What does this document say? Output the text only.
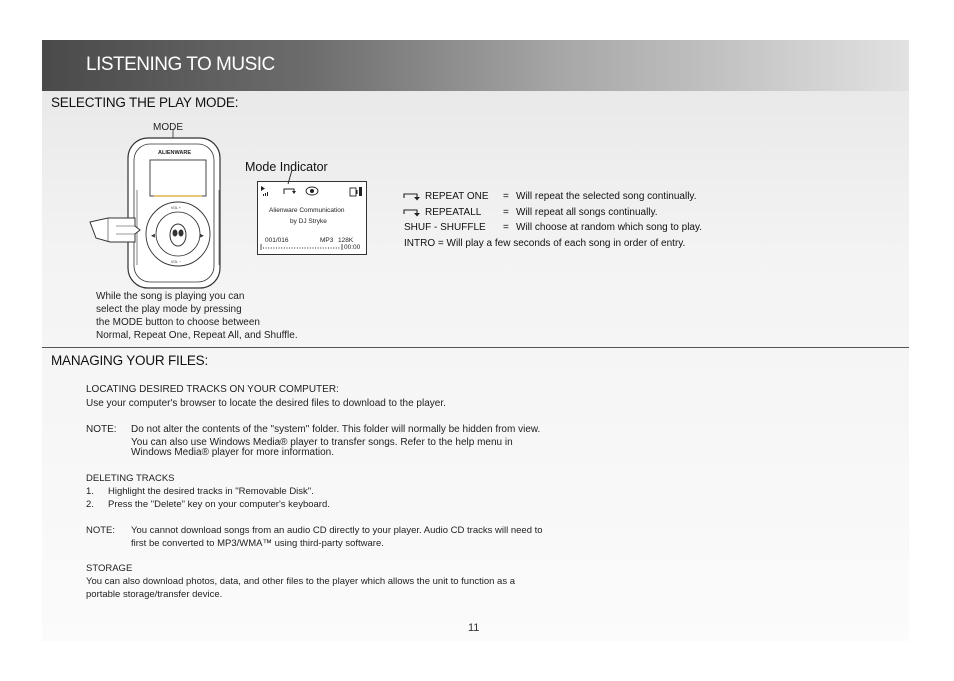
LISTENING TO MUSIC
SELECTING THE PLAY MODE:
MODE
Mode Indicator
ALIENWARE
VOL +
VOL −
◀	▶
Alienware Communication
by DJ Stryke
001/016	MP3 128K
00:00
REPEAT ONE = Will repeat the selected song continually.
REPEATALL = Will repeat all songs continually.
SHUF - SHUFFLE = Will choose at random which song to play.
INTRO = Will play a few seconds of each song in order of entry.
While the song is playing you can
select the play mode by pressing
the MODE button to choose between
Normal, Repeat One, Repeat All, and Shuffle.
MANAGING YOUR FILES:
LOCATING DESIRED TRACKS ON YOUR COMPUTER:
Use your computer's browser to locate the desired files to download to the player.
NOTE: Do not alter the contents of the "system" folder. This folder will normally be hidden from view.
You can also use Windows Media® player to transfer songs. Refer to the help menu in
Windows Media® player for more information.
DELETING TRACKS
1. Highlight the desired tracks in "Removable Disk".
2. Press the "Delete" key on your computer's keyboard.
NOTE: You cannot download songs from an audio CD directly to your player. Audio CD tracks will need to
first be converted to MP3/WMA™ using third-party software.
STORAGE
You can also download photos, data, and other files to the player which allows the unit to function as a
portable storage/transfer device.
11
